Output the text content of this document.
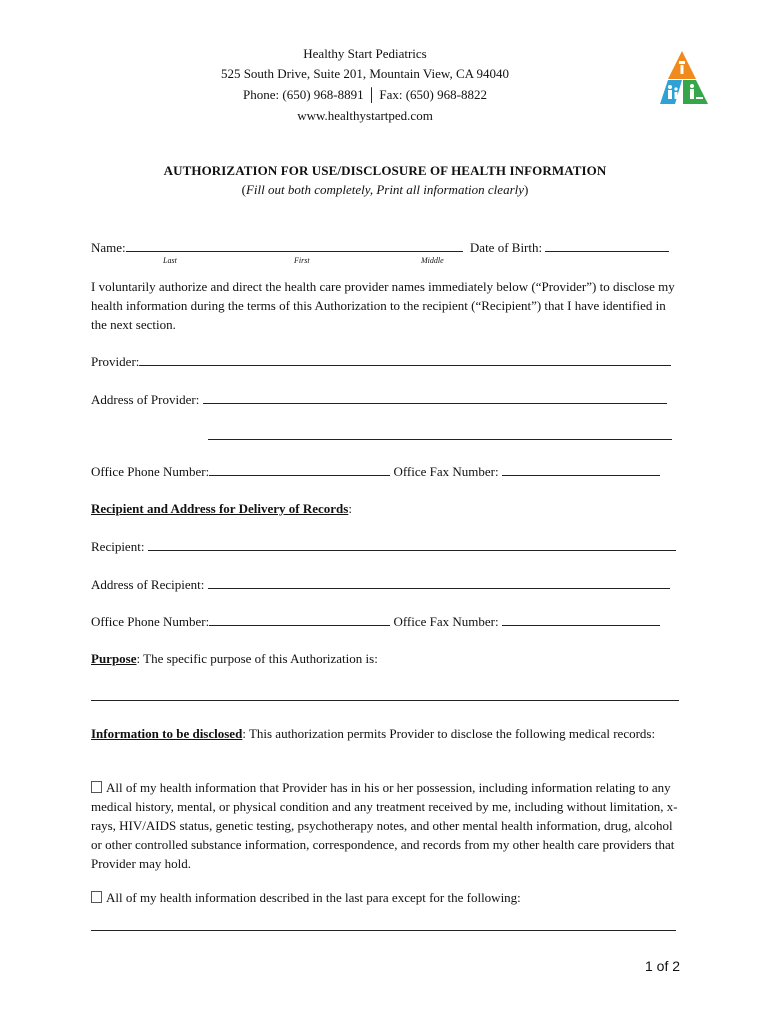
Healthy Start Pediatrics
525 South Drive, Suite 201, Mountain View, CA 94040
Phone: (650) 968-8891 │ Fax: (650) 968-8822
www.healthystartped.com
AUTHORIZATION FOR USE/DISCLOSURE OF HEALTH INFORMATION
(Fill out both completely, Print all information clearly)
Name:	Date of Birth:
Last	First	Middle
I voluntarily authorize and direct the health care provider names immediately below (“Provider”) to disclose my health information during the terms of this Authorization to the recipient (“Recipient”) that I have identified in the next section.
Provider:
Address of Provider:
Office Phone Number:	Office Fax Number:
Recipient and Address for Delivery of Records:
Recipient:
Address of Recipient:
Office Phone Number:	Office Fax Number:
Purpose: The specific purpose of this Authorization is:
Information to be disclosed: This authorization permits Provider to disclose the following medical records:
All of my health information that Provider has in his or her possession, including information relating to any medical history, mental, or physical condition and any treatment received by me, including without limitation, x-rays, HIV/AIDS status, genetic testing, psychotherapy notes, and other mental health information, drug, alcohol or other controlled substance information, correspondence, and records from my other health care providers that Provider may hold.
All of my health information described in the last para except for the following:
1 of 2
